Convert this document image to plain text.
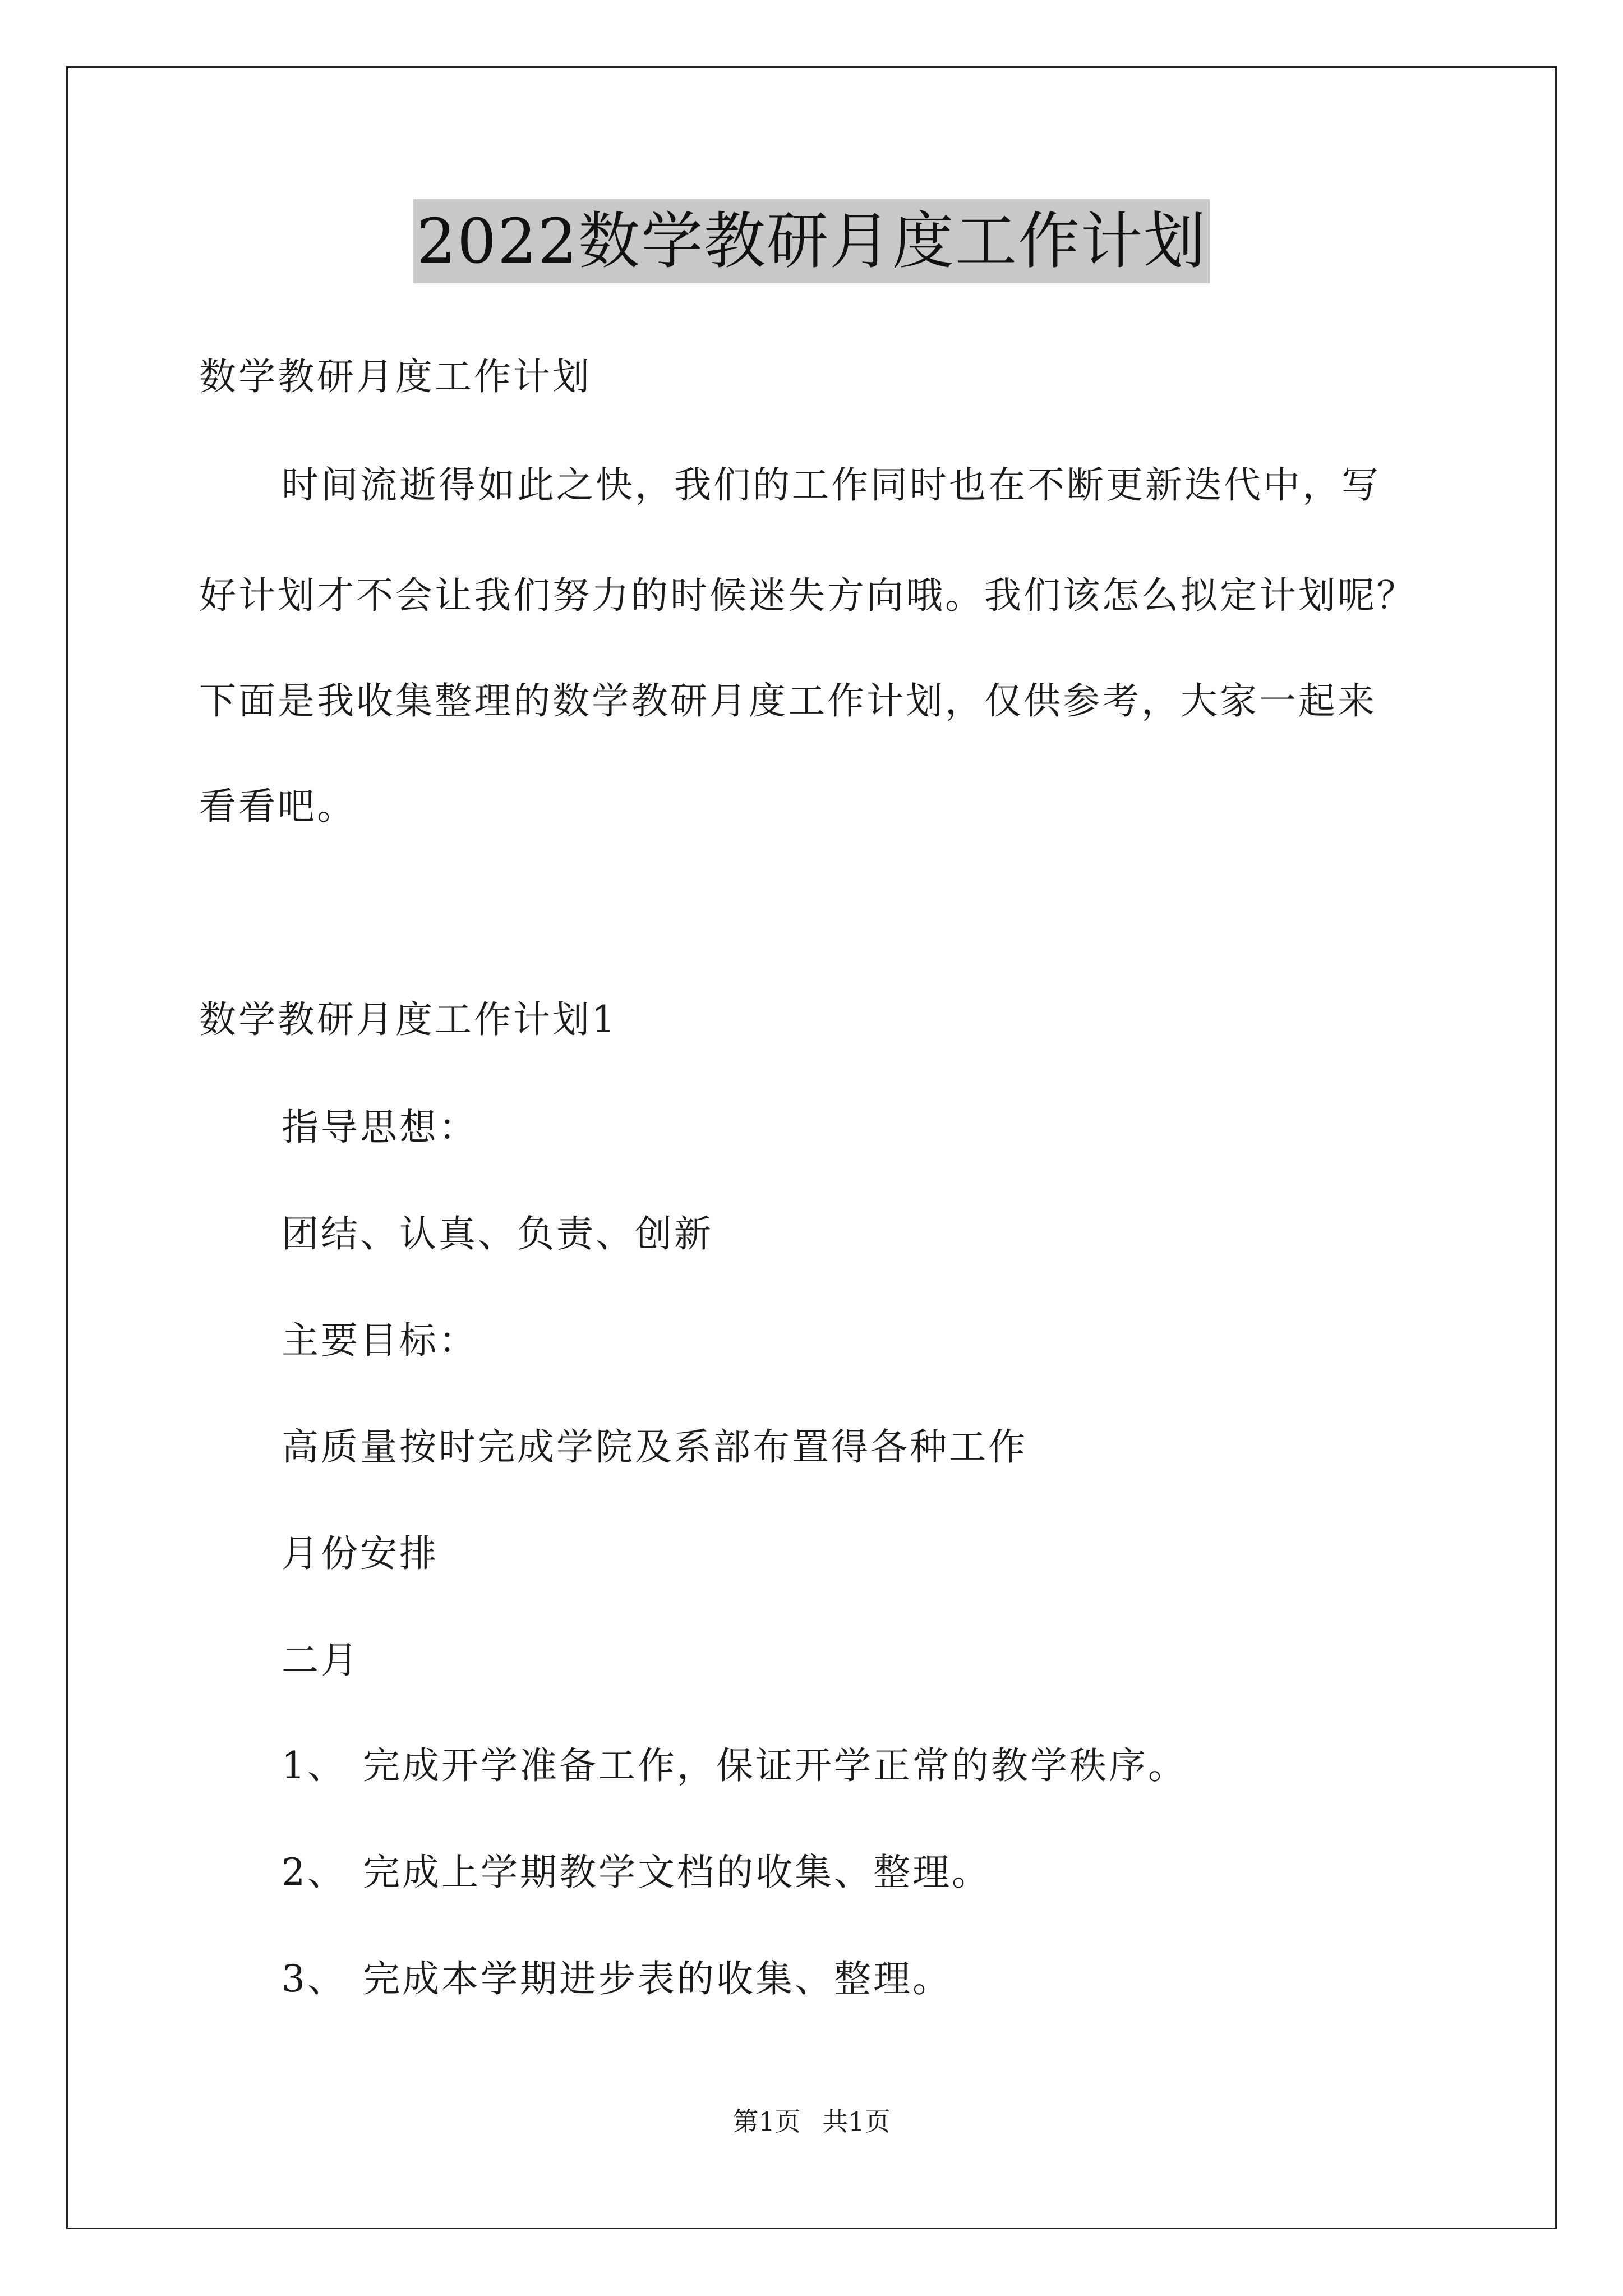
2022数学教研月度工作计划
数学教研月度工作计划
时间流逝得如此之快，我们的工作同时也在不断更新迭代中，写
好计划才不会让我们努力的时候迷失方向哦。我们该怎么拟定计划呢？
下面是我收集整理的数学教研月度工作计划，仅供参考，大家一起来
看看吧。
数学教研月度工作计划1
指导思想：
团结、认真、负责、创新
主要目标：
高质量按时完成学院及系部布置得各种工作
月份安排
二月
1、 完成开学准备工作，保证开学正常的教学秩序。
2、 完成上学期教学文档的收集、整理。
3、 完成本学期进步表的收集、整理。
第1页 共1页
